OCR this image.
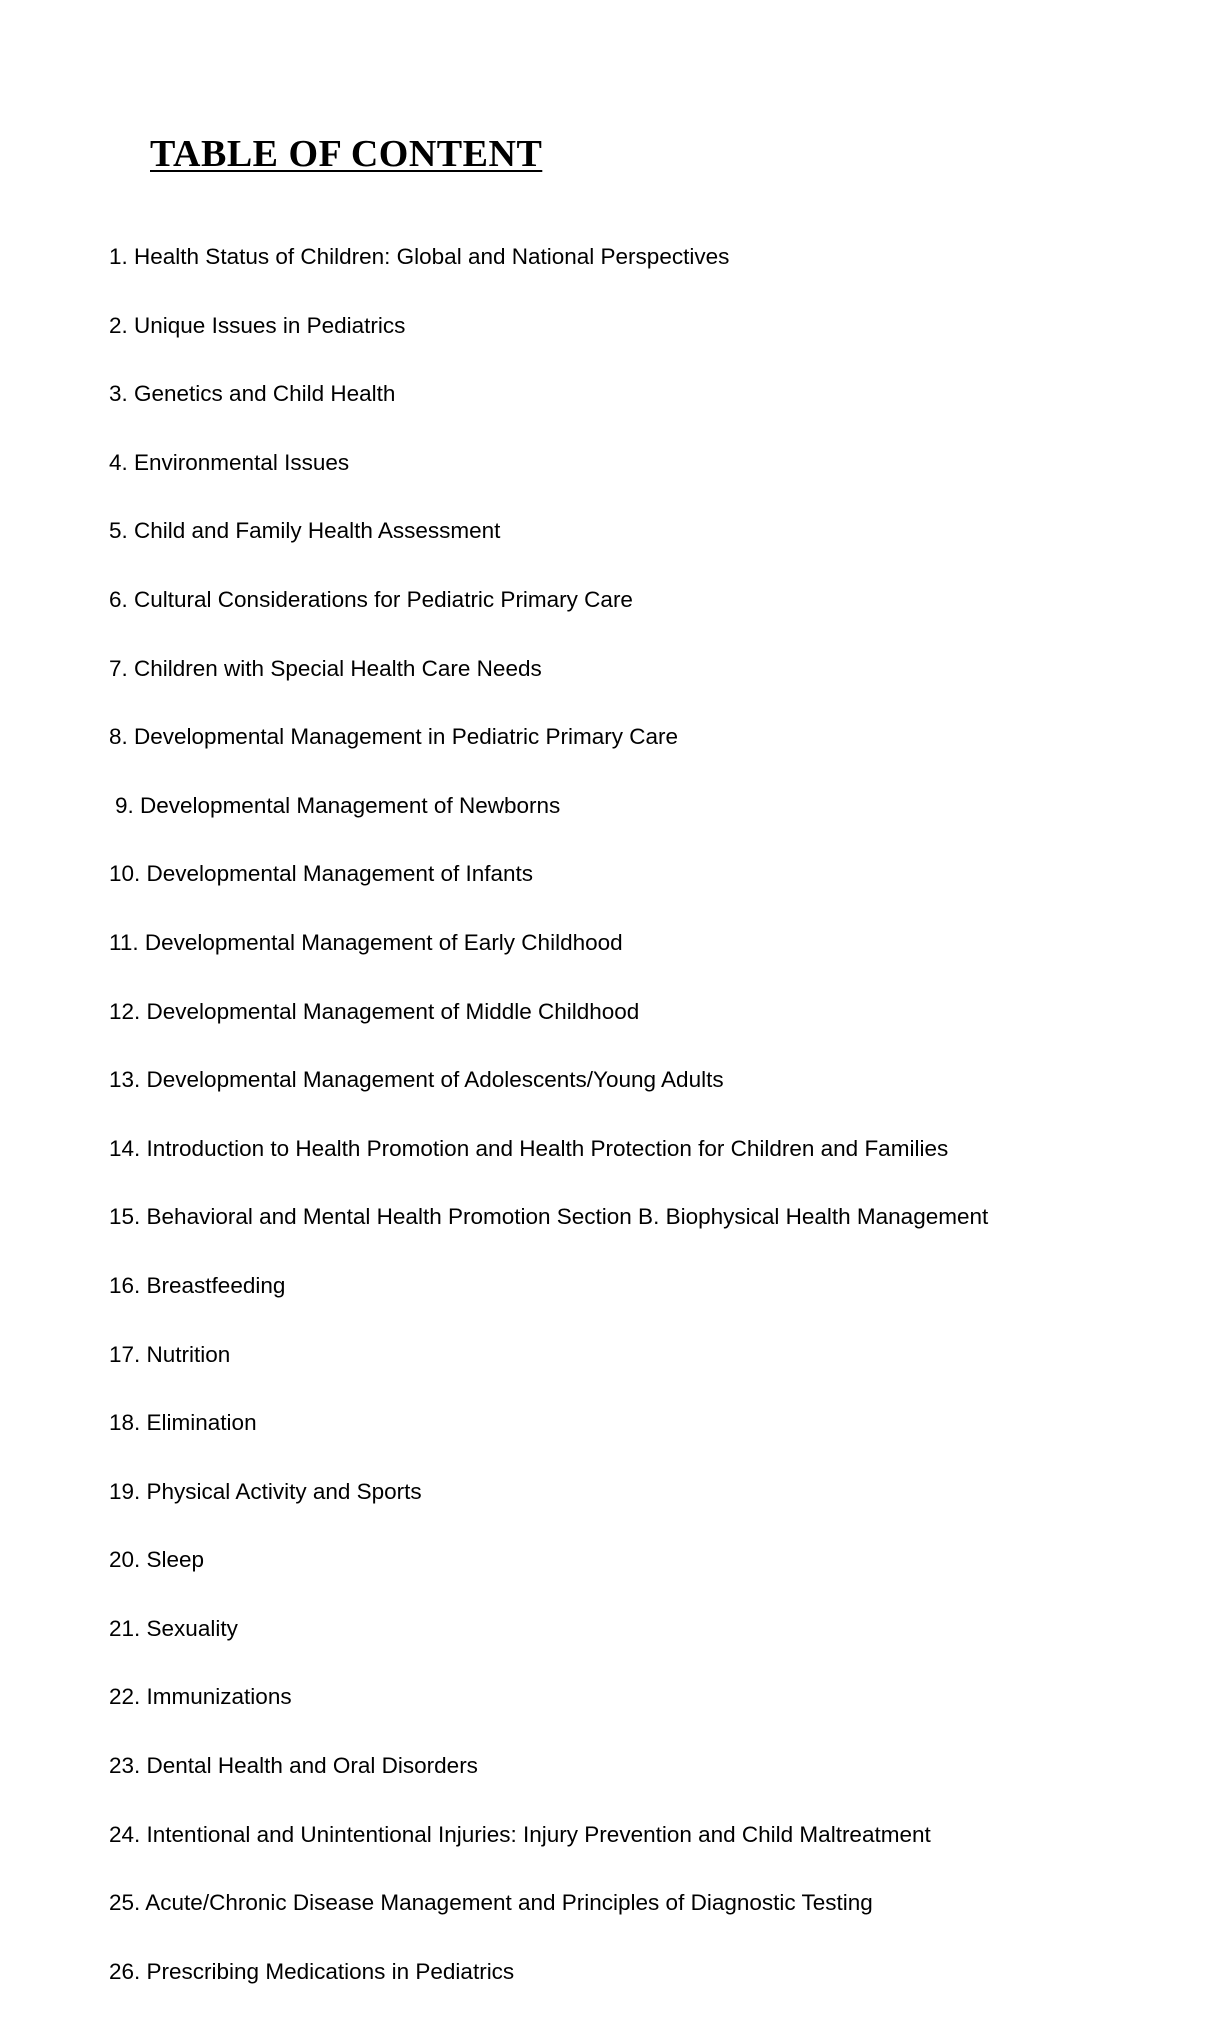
TABLE OF CONTENT
1. Health Status of Children: Global and National Perspectives
2. Unique Issues in Pediatrics
3. Genetics and Child Health
4. Environmental Issues
5. Child and Family Health Assessment
6. Cultural Considerations for Pediatric Primary Care
7. Children with Special Health Care Needs
8. Developmental Management in Pediatric Primary Care
9. Developmental Management of Newborns
10. Developmental Management of Infants
11. Developmental Management of Early Childhood
12. Developmental Management of Middle Childhood
13. Developmental Management of Adolescents/Young Adults
14. Introduction to Health Promotion and Health Protection for Children and Families
15. Behavioral and Mental Health Promotion Section B. Biophysical Health Management
16. Breastfeeding
17. Nutrition
18. Elimination
19. Physical Activity and Sports
20. Sleep
21. Sexuality
22. Immunizations
23. Dental Health and Oral Disorders
24. Intentional and Unintentional Injuries: Injury Prevention and Child Maltreatment
25. Acute/Chronic Disease Management and Principles of Diagnostic Testing
26. Prescribing Medications in Pediatrics
